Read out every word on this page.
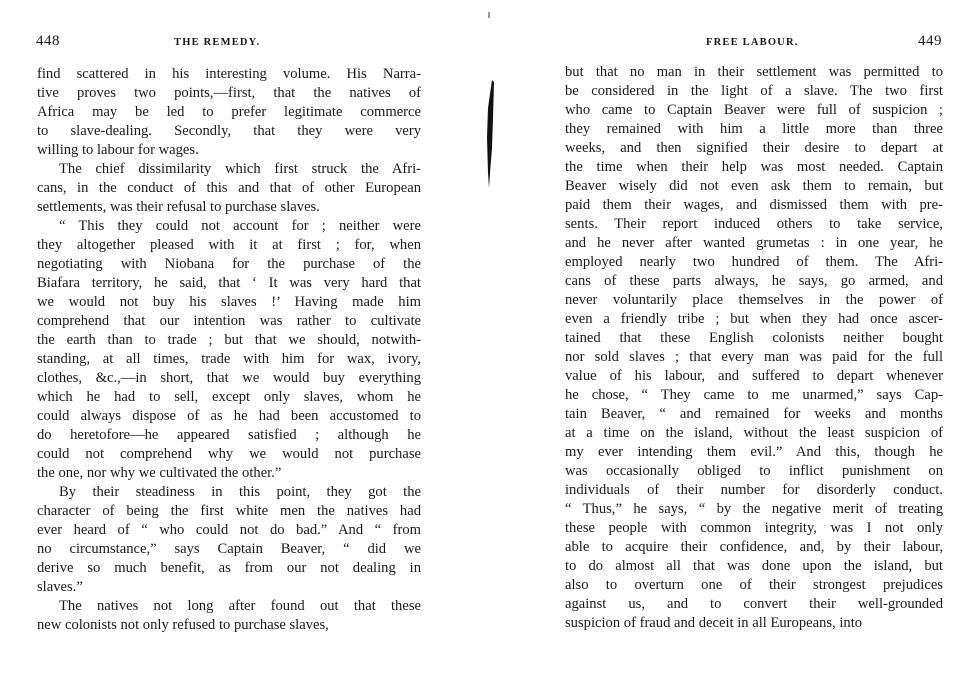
448	THE REMEDY.
find scattered in his interesting volume. His Narra-
tive proves two points,—first, that the natives of
Africa may be led to prefer legitimate commerce
to slave-dealing. Secondly, that they were very
willing to labour for wages.
The chief dissimilarity which first struck the Afri-
cans, in the conduct of this and that of other European
settlements, was their refusal to purchase slaves.
“ This they could not account for ; neither were
they altogether pleased with it at first ; for, when
negotiating with Niobana for the purchase of the
Biafara territory, he said, that ‘ It was very hard that
we would not buy his slaves !’ Having made him
comprehend that our intention was rather to cultivate
the earth than to trade ; but that we should, notwith-
standing, at all times, trade with him for wax, ivory,
clothes, &c.,—in short, that we would buy everything
which he had to sell, except only slaves, whom he
could always dispose of as he had been accustomed to
do heretofore—he appeared satisfied ; although he
could not comprehend why we would not purchase
the one, nor why we cultivated the other.”
By their steadiness in this point, they got the
character of being the first white men the natives had
ever heard of “ who could not do bad.” And “ from
no circumstance,” says Captain Beaver, “ did we
derive so much benefit, as from our not dealing in
slaves.”
The natives not long after found out that these
new colonists not only refused to purchase slaves,
FREE LABOUR.	449
but that no man in their settlement was permitted to
be considered in the light of a slave. The two first
who came to Captain Beaver were full of suspicion ;
they remained with him a little more than three
weeks, and then signified their desire to depart at
the time when their help was most needed. Captain
Beaver wisely did not even ask them to remain, but
paid them their wages, and dismissed them with pre-
sents. Their report induced others to take service,
and he never after wanted grumetas : in one year, he
employed nearly two hundred of them. The Afri-
cans of these parts always, he says, go armed, and
never voluntarily place themselves in the power of
even a friendly tribe ; but when they had once ascer-
tained that these English colonists neither bought
nor sold slaves ; that every man was paid for the full
value of his labour, and suffered to depart whenever
he chose, “ They came to me unarmed,” says Cap-
tain Beaver, “ and remained for weeks and months
at a time on the island, without the least suspicion of
my ever intending them evil.” And this, though he
was occasionally obliged to inflict punishment on
individuals of their number for disorderly conduct.
“ Thus,” he says, “ by the negative merit of treating
these people with common integrity, was I not only
able to acquire their confidence, and, by their labour,
to do almost all that was done upon the island, but
also to overturn one of their strongest prejudices
against us, and to convert their well-grounded
suspicion of fraud and deceit in all Europeans, into
